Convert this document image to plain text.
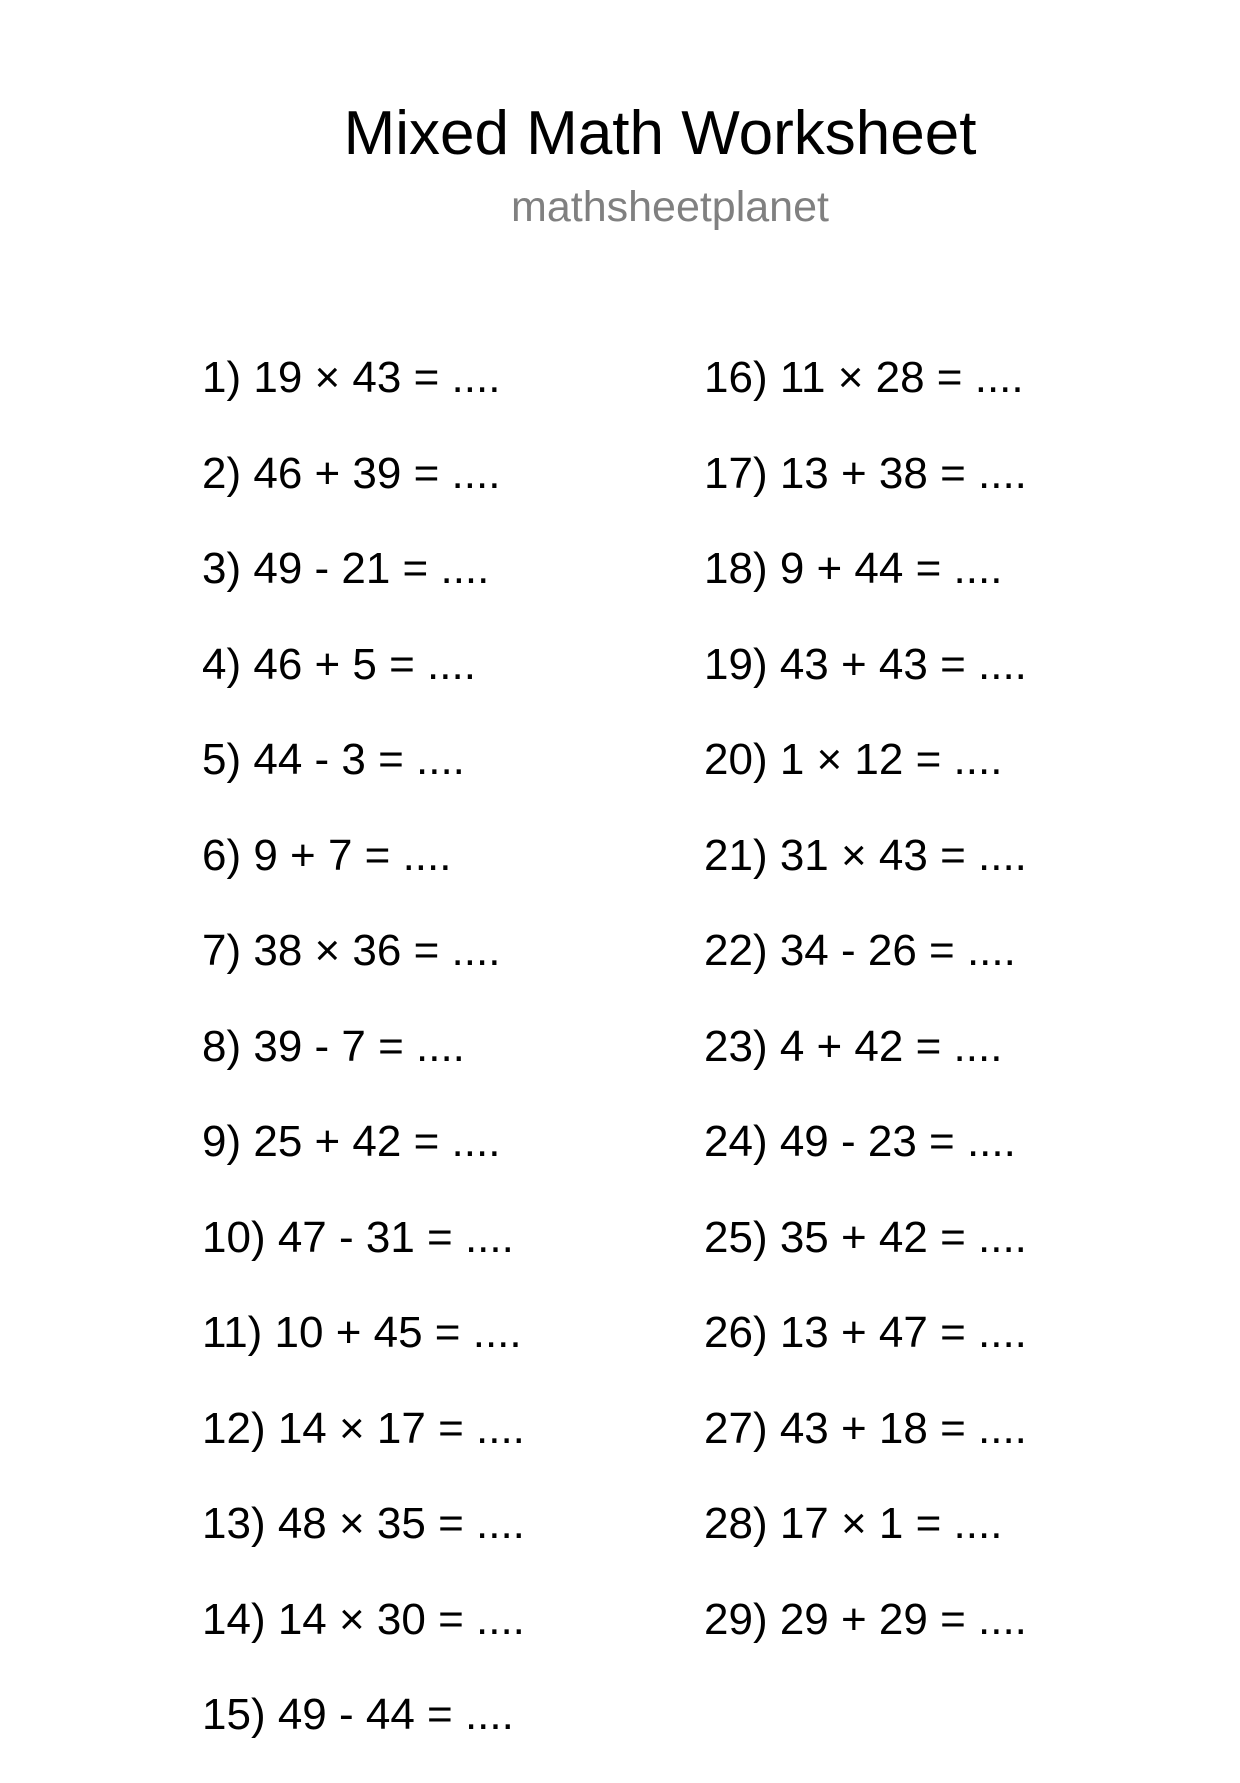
Mixed Math Worksheet
mathsheetplanet
1) 19 × 43 = ....
2) 46 + 39 = ....
3) 49 - 21 = ....
4) 46 + 5 = ....
5) 44 - 3 = ....
6) 9 + 7 = ....
7) 38 × 36 = ....
8) 39 - 7 = ....
9) 25 + 42 = ....
10) 47 - 31 = ....
11) 10 + 45 = ....
12) 14 × 17 = ....
13) 48 × 35 = ....
14) 14 × 30 = ....
15) 49 - 44 = ....
16) 11 × 28 = ....
17) 13 + 38 = ....
18) 9 + 44 = ....
19) 43 + 43 = ....
20) 1 × 12 = ....
21) 31 × 43 = ....
22) 34 - 26 = ....
23) 4 + 42 = ....
24) 49 - 23 = ....
25) 35 + 42 = ....
26) 13 + 47 = ....
27) 43 + 18 = ....
28) 17 × 1 = ....
29) 29 + 29 = ....
